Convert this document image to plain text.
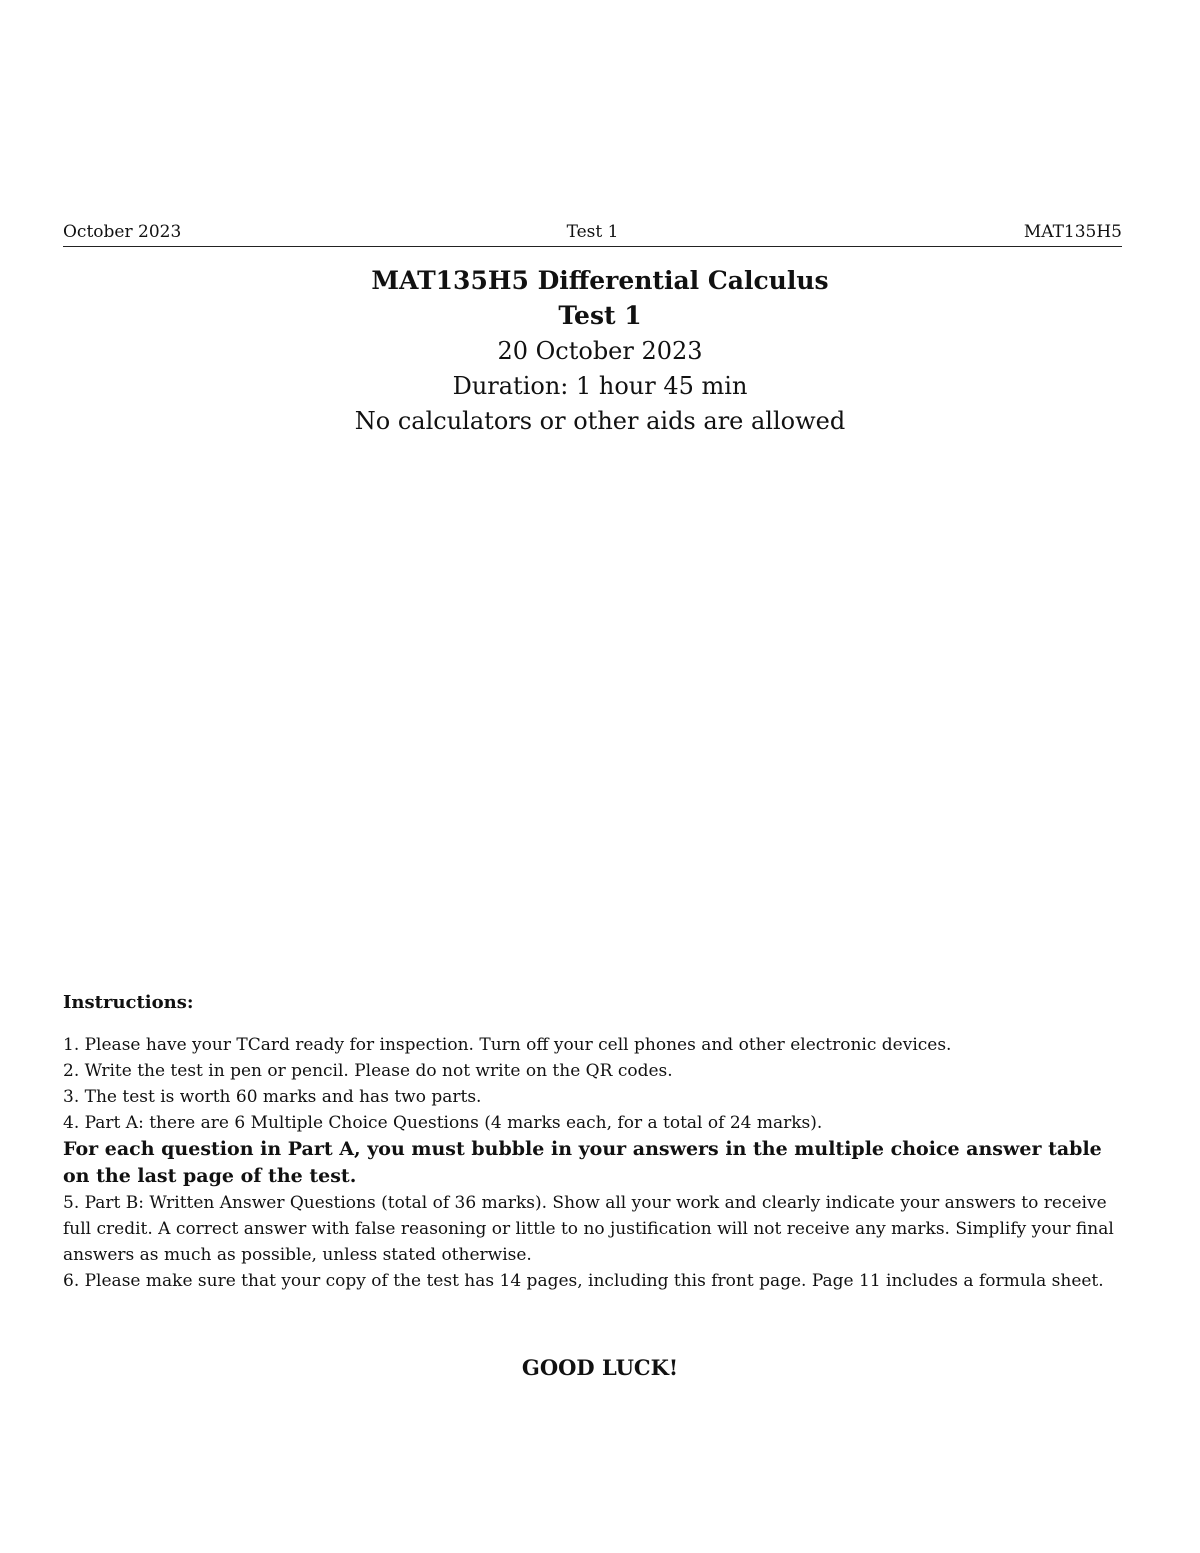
October 2023	Test 1	MAT135H5
MAT135H5 Differential Calculus
Test 1
20 October 2023
Duration: 1 hour 45 min
No calculators or other aids are allowed
Instructions:

1. Please have your TCard ready for inspection. Turn off your cell phones and other electronic devices.

2. Write the test in pen or pencil. Please do not write on the QR codes.

3. The test is worth 60 marks and has two parts.

4. Part A: there are 6 Multiple Choice Questions (4 marks each, for a total of 24 marks).

For each question in Part A, you must bubble in your answers in the multiple choice answer table on the last page of the test.

5. Part B: Written Answer Questions (total of 36 marks). Show all your work and clearly indicate your answers to receive full credit. A correct answer with false reasoning or little to no justification will not receive any marks. Simplify your final answers as much as possible, unless stated otherwise.

6. Please make sure that your copy of the test has 14 pages, including this front page. Page 11 includes a formula sheet.

GOOD LUCK!
